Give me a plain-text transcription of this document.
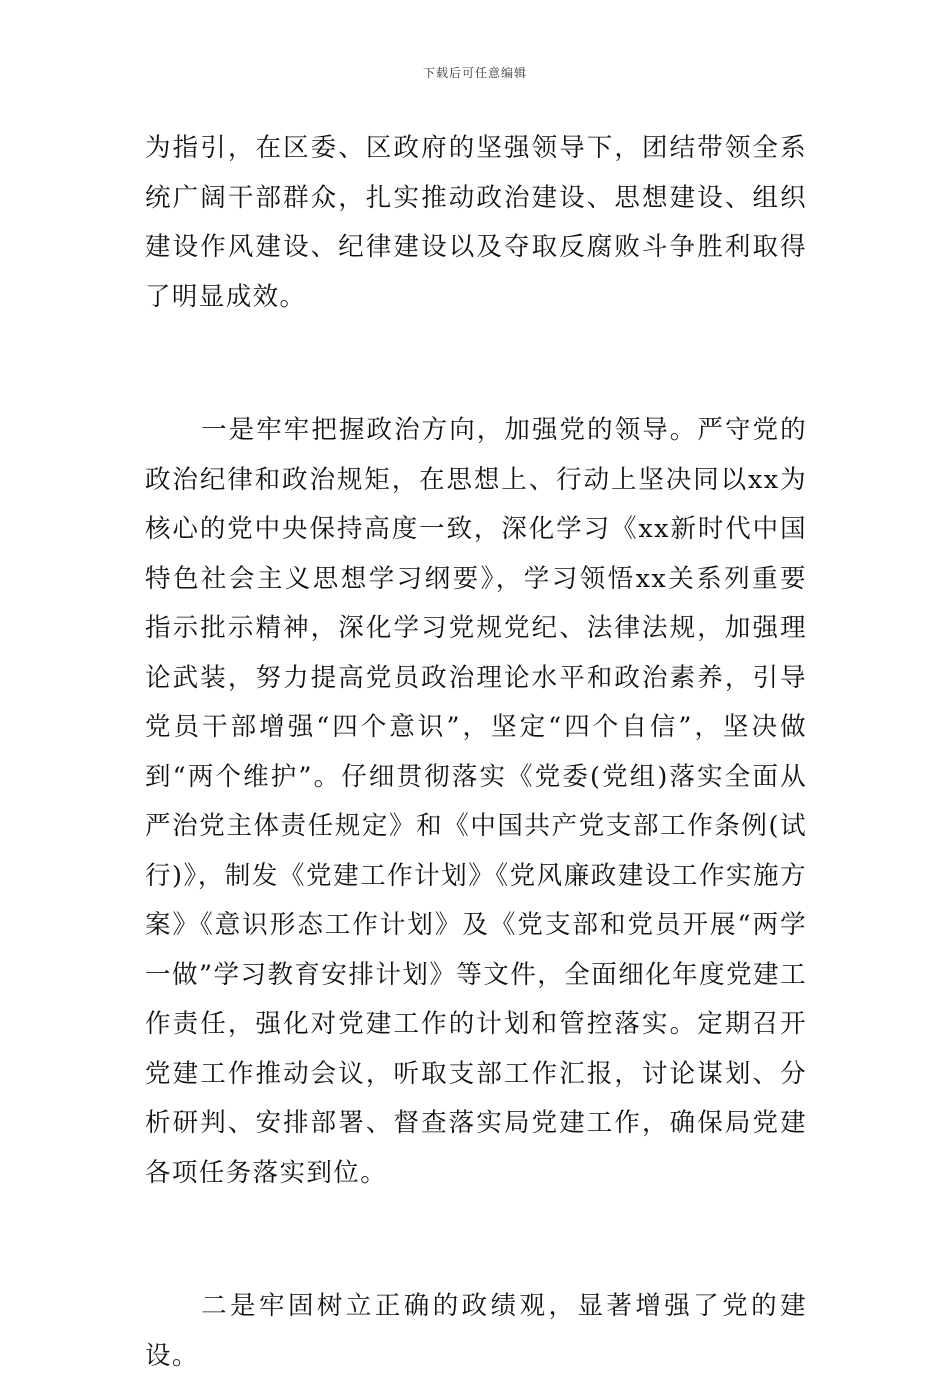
下载后可任意编辑

为指引，在区委、区政府的坚强领导下，团结带领全系统广阔干部群众，扎实推动政治建设、思想建设、组织建设作风建设、纪律建设以及夺取反腐败斗争胜利取得了明显成效。

一是牢牢把握政治方向，加强党的领导。严守党的政治纪律和政治规矩，在思想上、行动上坚决同以xx为核心的党中央保持高度一致，深化学习《xx新时代中国特色社会主义思想学习纲要》，学习领悟xx关系列重要指示批示精神，深化学习党规党纪、法律法规，加强理论武装，努力提高党员政治理论水平和政治素养，引导党员干部增强“四个意识”，坚定“四个自信”，坚决做到“两个维护”。仔细贯彻落实《党委(党组)落实全面从严治党主体责任规定》和《中国共产党支部工作条例(试行)》，制发《党建工作计划》《党风廉政建设工作实施方案》《意识形态工作计划》及《党支部和党员开展“两学一做”学习教育安排计划》等文件，全面细化年度党建工作责任，强化对党建工作的计划和管控落实。定期召开党建工作推动会议，听取支部工作汇报，讨论谋划、分析研判、安排部署、督查落实局党建工作，确保局党建各项任务落实到位。

二是牢固树立正确的政绩观，显著增强了党的建设。
